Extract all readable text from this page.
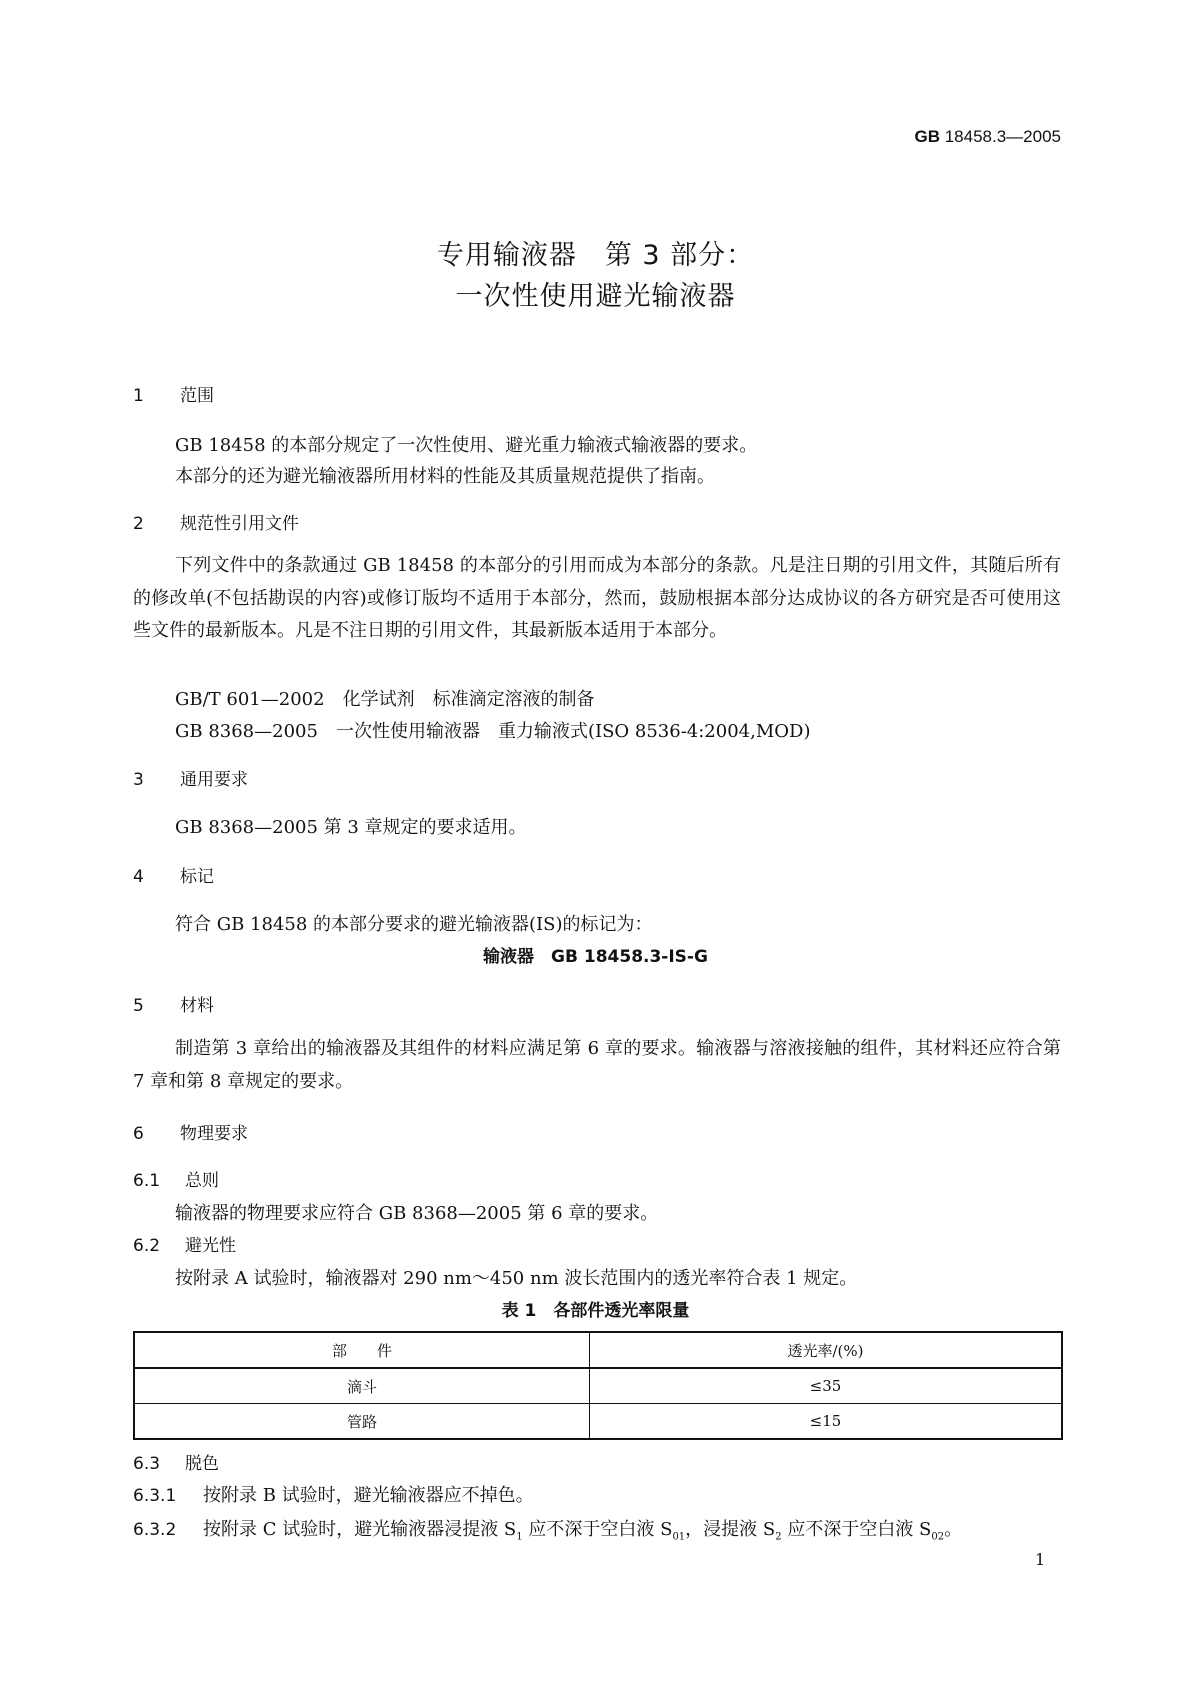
GB 18458.3—2005
专用输液器　第 3 部分：
一次性使用避光输液器
1　 范围
GB 18458 的本部分规定了一次性使用、避光重力输液式输液器的要求。
本部分的还为避光输液器所用材料的性能及其质量规范提供了指南。
2　 规范性引用文件
下列文件中的条款通过 GB 18458 的本部分的引用而成为本部分的条款。凡是注日期的引用文件，其随后所有的修改单(不包括勘误的内容)或修订版均不适用于本部分，然而，鼓励根据本部分达成协议的各方研究是否可使用这些文件的最新版本。凡是不注日期的引用文件，其最新版本适用于本部分。
GB/T 601—2002　化学试剂　标准滴定溶液的制备
GB 8368—2005　一次性使用输液器　重力输液式(ISO 8536-4:2004,MOD)
3　 通用要求
GB 8368—2005 第 3 章规定的要求适用。
4　 标记
符合 GB 18458 的本部分要求的避光输液器(IS)的标记为：
输液器　GB 18458.3-IS-G
5　 材料
制造第 3 章给出的输液器及其组件的材料应满足第 6 章的要求。输液器与溶液接触的组件，其材料还应符合第 7 章和第 8 章规定的要求。
6　 物理要求
6.1 总则
输液器的物理要求应符合 GB 8368—2005 第 6 章的要求。
6.2 避光性
按附录 A 试验时，输液器对 290 nm～450 nm 波长范围内的透光率符合表 1 规定。
表 1　各部件透光率限量
部　　件	透光率/(%)
滴斗	≤35
管路	≤15
6.3 脱色
6.3.1 按附录 B 试验时，避光输液器应不掉色。
6.3.2 按附录 C 试验时，避光输液器浸提液 $S_1$ 应不深于空白液 $S_{01}$，浸提液 $S_2$ 应不深于空白液 $S_{02}$。
1
